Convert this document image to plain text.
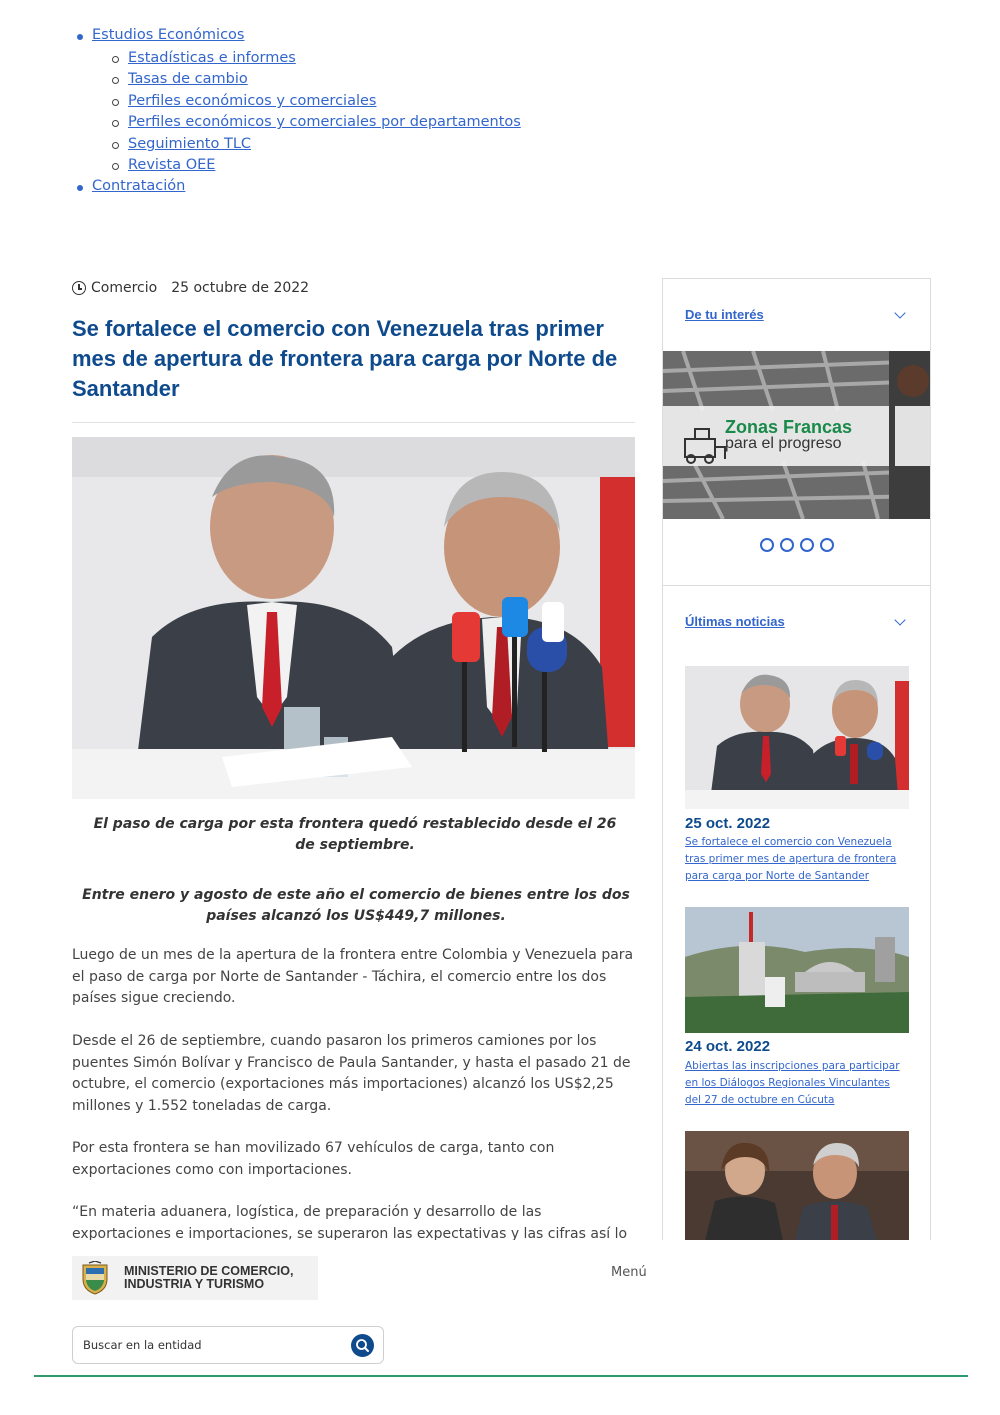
Estudios Económicos
Estadísticas e informes
Tasas de cambio
Perfiles económicos y comerciales
Perfiles económicos y comerciales por departamentos
Seguimiento TLC
Revista OEE
Contratación
Comercio 25 octubre de 2022
Se fortalece el comercio con Venezuela tras primer mes de apertura de frontera para carga por Norte de Santander

El paso de carga por esta frontera quedó restablecido desde el 26 de septiembre.

Entre enero y agosto de este año el comercio de bienes entre los dos países alcanzó los US$449,7 millones.

Luego de un mes de la apertura de la frontera entre Colombia y Venezuela para el paso de carga por Norte de Santander - Táchira, el comercio entre los dos países sigue creciendo.

Desde el 26 de septiembre, cuando pasaron los primeros camiones por los puentes Simón Bolívar y Francisco de Paula Santander, y hasta el pasado 21 de octubre, el comercio (exportaciones más importaciones) alcanzó los US$2,25 millones y 1.552 toneladas de carga.

Por esta frontera se han movilizado 67 vehículos de carga, tanto con exportaciones como con importaciones.

“En materia aduanera, logística, de preparación y desarrollo de las exportaciones e importaciones, se superaron las expectativas y las cifras así lo

De tu interés
Zonas Francas
para el progreso
Últimas noticias
25 oct. 2022
Se fortalece el comercio con Venezuela tras primer mes de apertura de frontera para carga por Norte de Santander
24 oct. 2022
Abiertas las inscripciones para participar en los Diálogos Regionales Vinculantes del 27 de octubre en Cúcuta
MINISTERIO DE COMERCIO,
INDUSTRIA Y TURISMO
Menú
Buscar en la entidad
